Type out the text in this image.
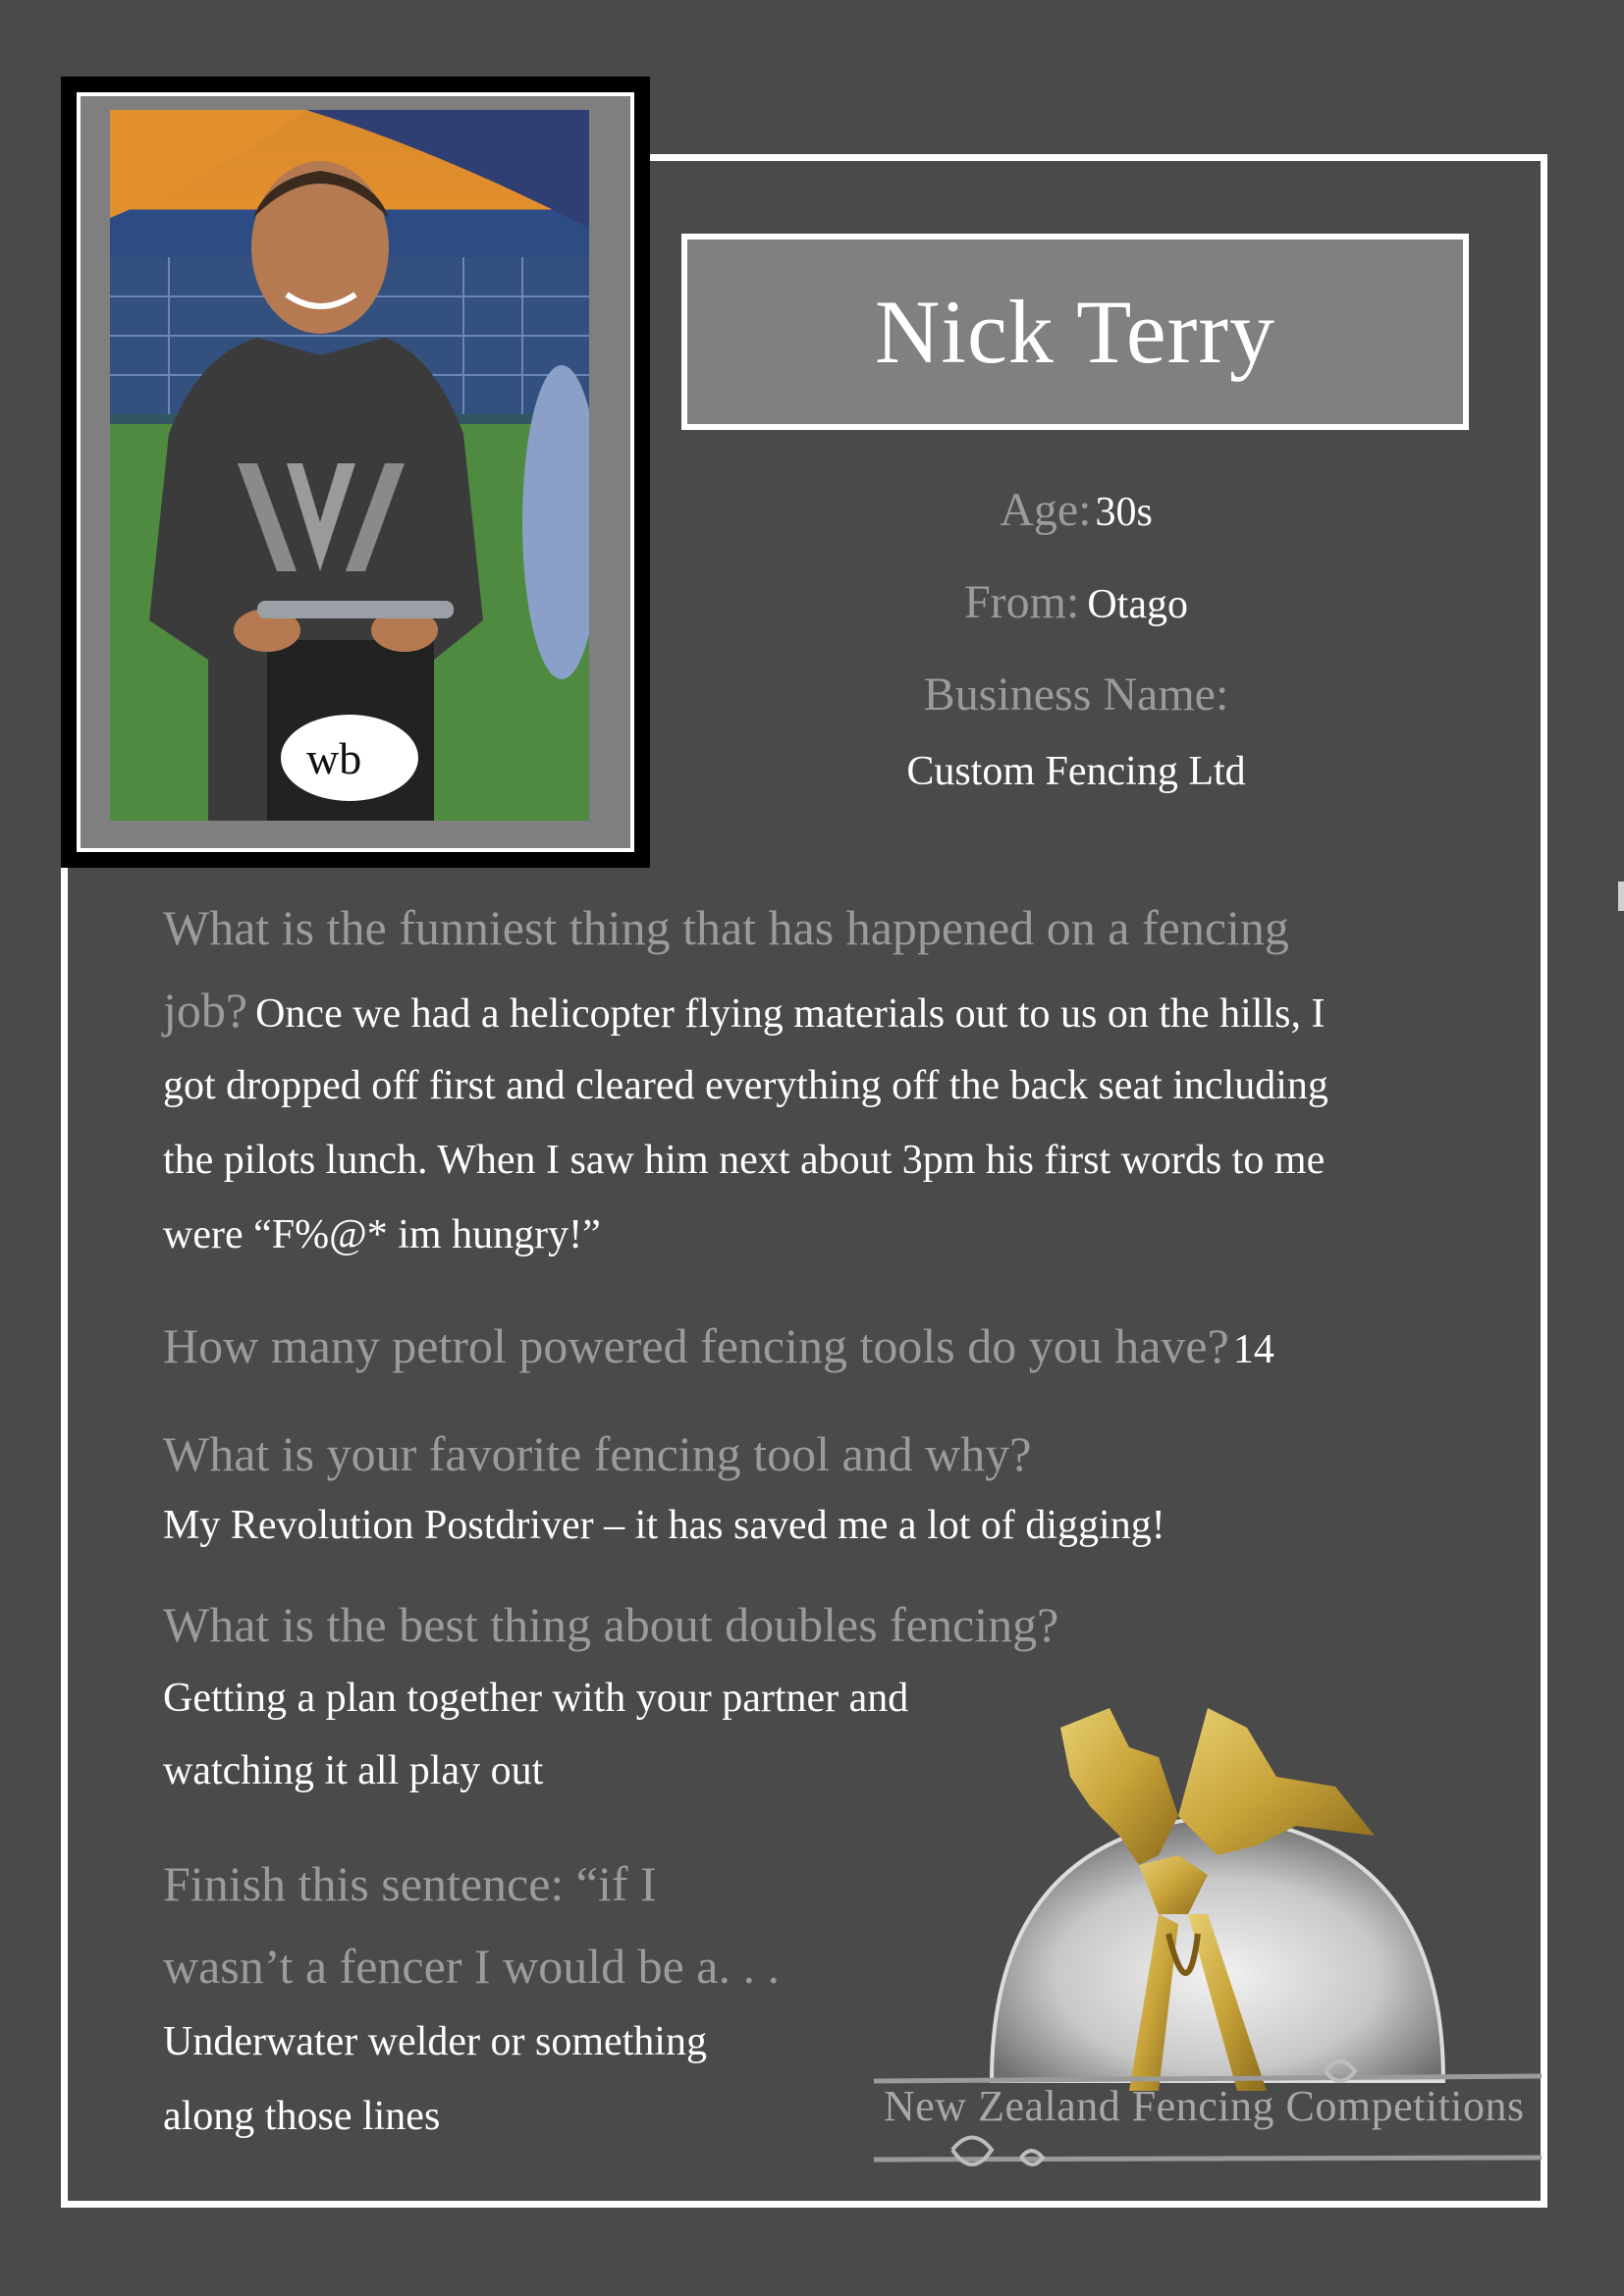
wb
Nick Terry
Age: 30s
From: Otago
Business Name:
Custom Fencing Ltd
What is the funniest thing that has happened on a fencing
job? Once we had a helicopter flying materials out to us on the hills, I
got dropped off first and cleared everything off the back seat including
the pilots lunch. When I saw him next about 3pm his first words to me
were “F%@* im hungry!”
How many petrol powered fencing tools do you have? 14
What is your favorite fencing tool and why?
My Revolution Postdriver – it has saved me a lot of digging!
What is the best thing about doubles fencing?
Getting a plan together with your partner and
watching it all play out
Finish this sentence: “if I
wasn’t a fencer I would be a. . .
Underwater welder or something
along those lines	New Zealand Fencing Competitions
